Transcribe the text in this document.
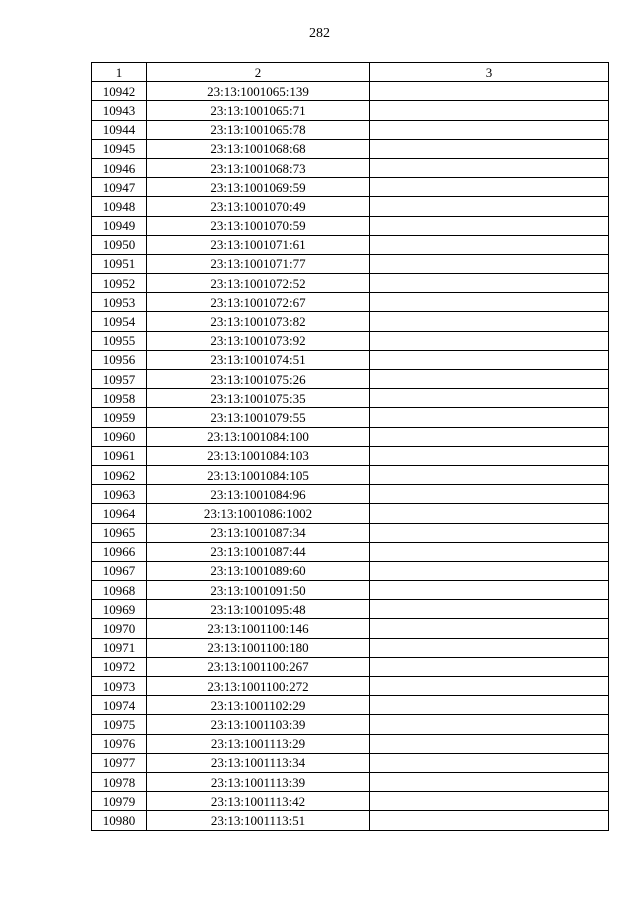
282
1	2	3
10942	23:13:1001065:139	
10943	23:13:1001065:71	
10944	23:13:1001065:78	
10945	23:13:1001068:68	
10946	23:13:1001068:73	
10947	23:13:1001069:59	
10948	23:13:1001070:49	
10949	23:13:1001070:59	
10950	23:13:1001071:61	
10951	23:13:1001071:77	
10952	23:13:1001072:52	
10953	23:13:1001072:67	
10954	23:13:1001073:82	
10955	23:13:1001073:92	
10956	23:13:1001074:51	
10957	23:13:1001075:26	
10958	23:13:1001075:35	
10959	23:13:1001079:55	
10960	23:13:1001084:100	
10961	23:13:1001084:103	
10962	23:13:1001084:105	
10963	23:13:1001084:96	
10964	23:13:1001086:1002	
10965	23:13:1001087:34	
10966	23:13:1001087:44	
10967	23:13:1001089:60	
10968	23:13:1001091:50	
10969	23:13:1001095:48	
10970	23:13:1001100:146	
10971	23:13:1001100:180	
10972	23:13:1001100:267	
10973	23:13:1001100:272	
10974	23:13:1001102:29	
10975	23:13:1001103:39	
10976	23:13:1001113:29	
10977	23:13:1001113:34	
10978	23:13:1001113:39	
10979	23:13:1001113:42	
10980	23:13:1001113:51	
